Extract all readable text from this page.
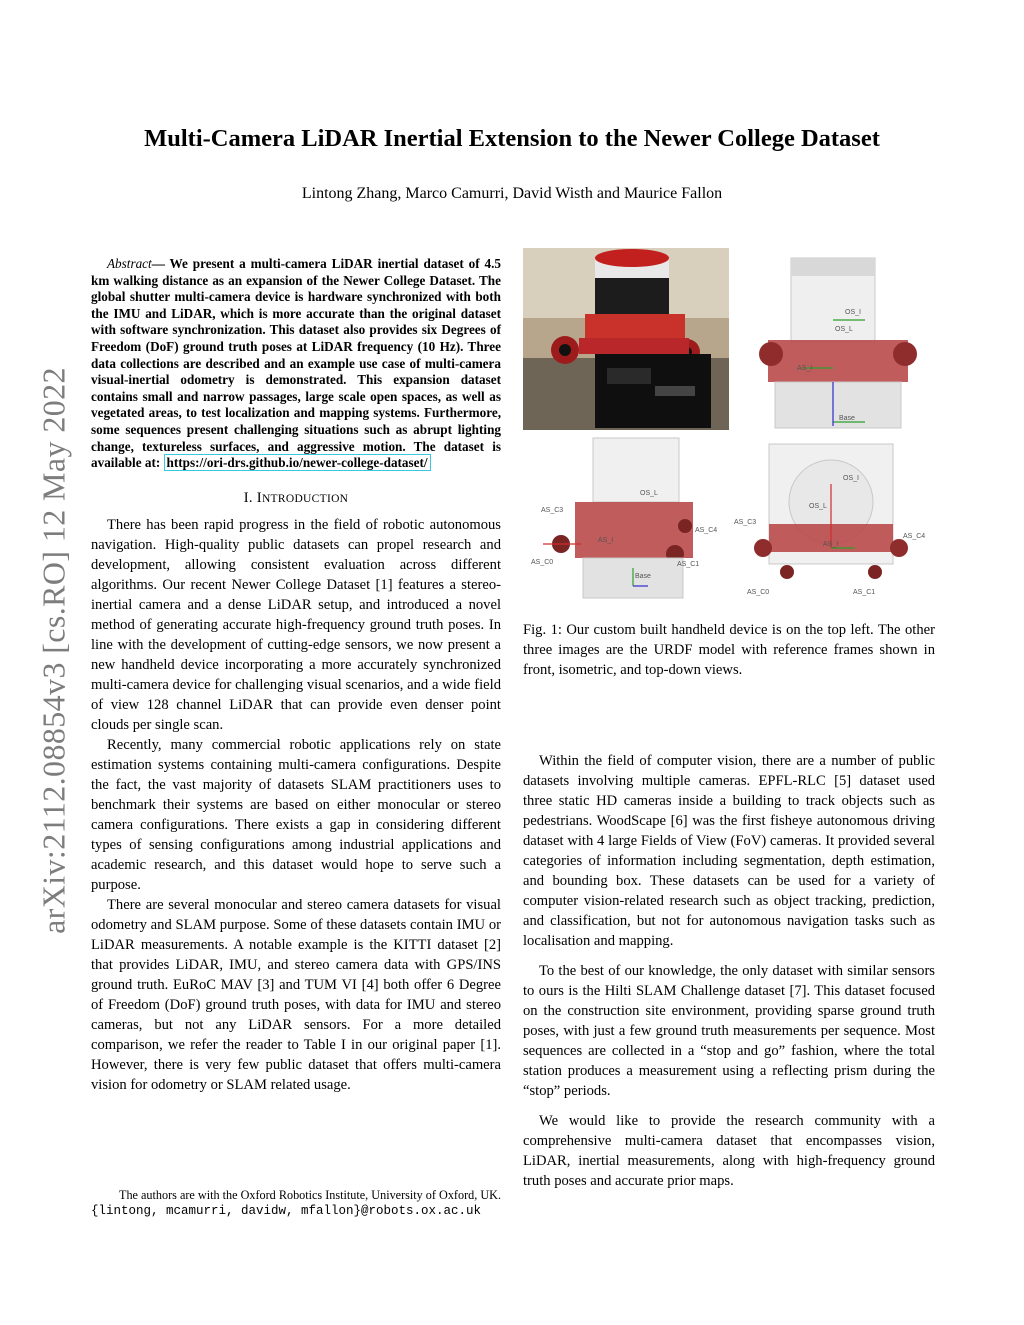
arXiv:2112.08854v3 [cs.RO] 12 May 2022
Multi-Camera LiDAR Inertial Extension to the Newer College Dataset
Lintong Zhang, Marco Camurri, David Wisth and Maurice Fallon

Abstract— We present a multi-camera LiDAR inertial dataset of 4.5 km walking distance as an expansion of the Newer College Dataset. The global shutter multi-camera device is hardware synchronized with both the IMU and LiDAR, which is more accurate than the original dataset with software synchronization. This dataset also provides six Degrees of Freedom (DoF) ground truth poses at LiDAR frequency (10 Hz). Three data collections are described and an example use case of multi-camera visual-inertial odometry is demonstrated. This expansion dataset contains small and narrow passages, large scale open spaces, as well as vegetated areas, to test localization and mapping systems. Furthermore, some sequences present challenging situations such as abrupt lighting change, textureless surfaces, and aggressive motion. The dataset is available at: https://ori-drs.github.io/newer-college-dataset/

I. INTRODUCTION

There has been rapid progress in the field of robotic autonomous navigation. High-quality public datasets can propel research and development, allowing consistent evaluation across different algorithms. Our recent Newer College Dataset [1] features a stereo-inertial camera and a dense LiDAR setup, and introduced a novel method of generating accurate high-frequency ground truth poses. In line with the development of cutting-edge sensors, we now present a new handheld device incorporating a more accurately synchronized multi-camera device for challenging visual scenarios, and a wide field of view 128 channel LiDAR that can provide even denser point clouds per single scan.

Recently, many commercial robotic applications rely on state estimation systems containing multi-camera configurations. Despite the fact, the vast majority of datasets SLAM practitioners uses to benchmark their systems are based on either monocular or stereo camera configurations. There exists a gap in considering different types of sensing configurations among industrial applications and academic research, and this dataset would hope to serve such a purpose.

There are several monocular and stereo camera datasets for visual odometry and SLAM purpose. Some of these datasets contain IMU or LiDAR measurements. A notable example is the KITTI dataset [2] that provides LiDAR, IMU, and stereo camera data with GPS/INS ground truth. EuRoC MAV [3] and TUM VI [4] both offer 6 Degree of Freedom (DoF) ground truth poses, with data for IMU and stereo cameras, but not any LiDAR sensors. For a more detailed comparison, we refer the reader to Table I in our original paper [1]. However, there is very few public dataset that offers multi-camera vision for odometry or SLAM related usage.

The authors are with the Oxford Robotics Institute, University of Oxford, UK. {lintong, mcamurri, davidw, mfallon}@robots.ox.ac.uk
OS_I
OS_L
AS_I
Base
OS_L
AS_I
AS_C3
AS_C4
AS_C0	AS_C1
Base
OS_I
OS_L
AS_I
AS_C3
AS_C4
AS_C0	AS_C1

Fig. 1: Our custom built handheld device is on the top left. The other three images are the URDF model with reference frames shown in front, isometric, and top-down views.

Within the field of computer vision, there are a number of public datasets involving multiple cameras. EPFL-RLC [5] dataset used three static HD cameras inside a building to track objects such as pedestrians. WoodScape [6] was the first fisheye autonomous driving dataset with 4 large Fields of View (FoV) cameras. It provided several categories of information including segmentation, depth estimation, and bounding box. These datasets can be used for a variety of computer vision-related research such as object tracking, prediction, and classification, but not for autonomous navigation tasks such as localisation and mapping.

To the best of our knowledge, the only dataset with similar sensors to ours is the Hilti SLAM Challenge dataset [7]. This dataset focused on the construction site environment, providing sparse ground truth poses, with just a few ground truth measurements per sequence. Most sequences are collected in a “stop and go” fashion, where the total station produces a measurement using a reflecting prism during the “stop” periods.

We would like to provide the research community with a comprehensive multi-camera dataset that encompasses vision, LiDAR, inertial measurements, along with high-frequency ground truth poses and accurate prior maps.
